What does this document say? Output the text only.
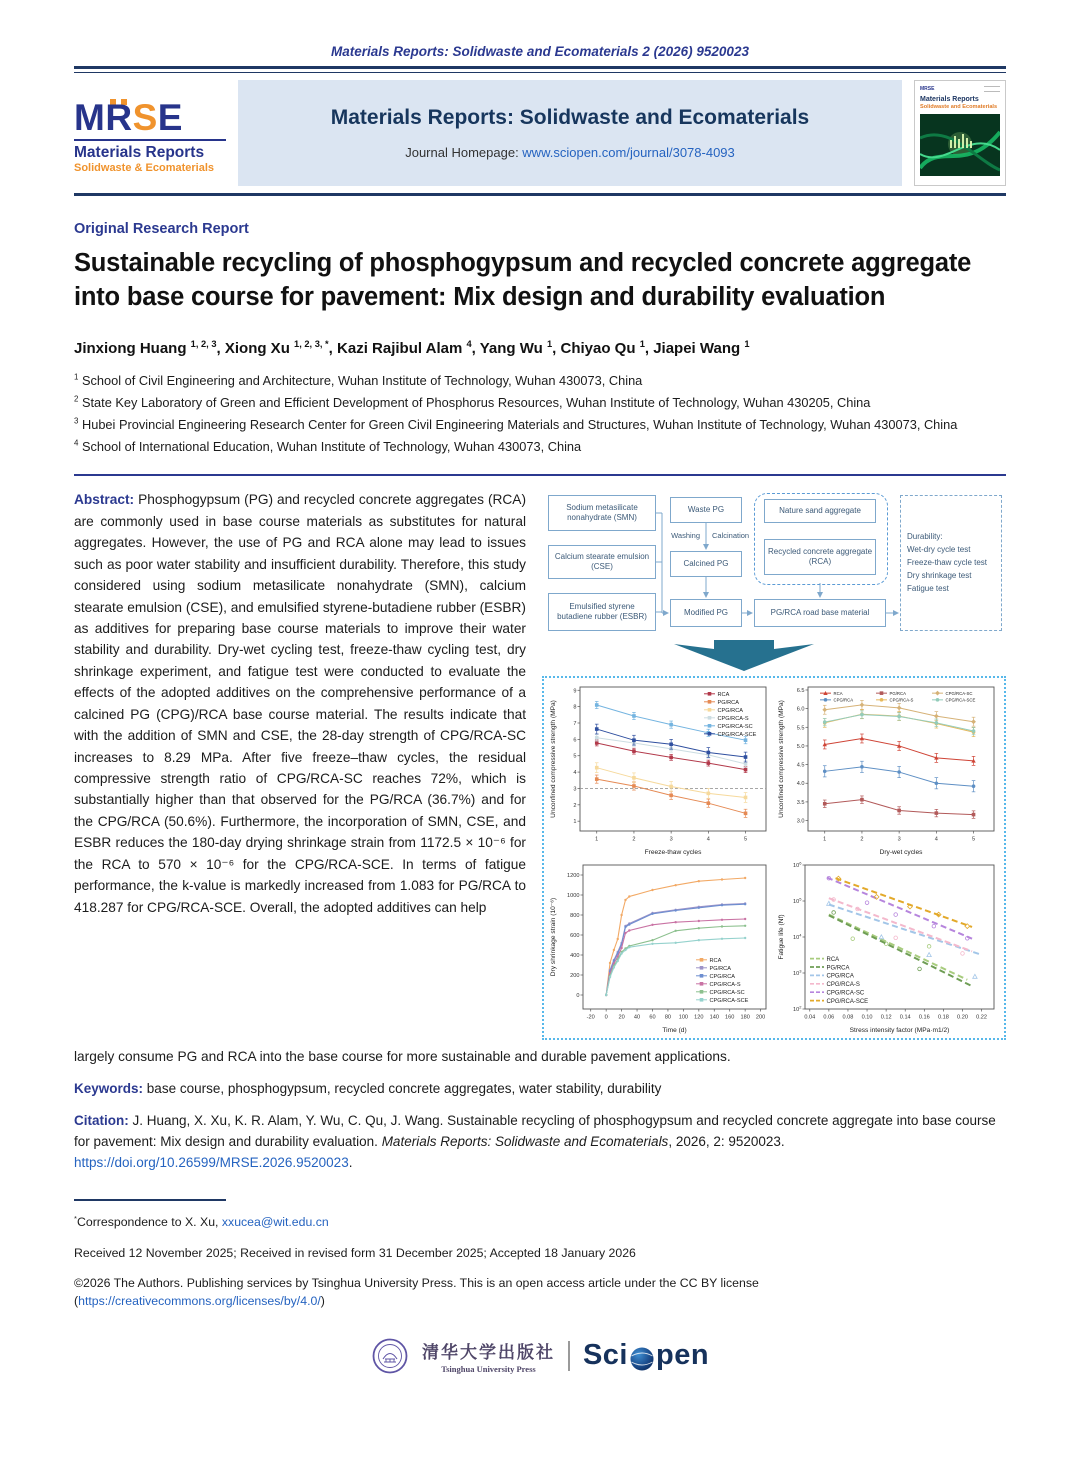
Materials Reports: Solidwaste and Ecomaterials 2 (2026) 9520023
MRSE
Materials Reports
Solidwaste & Ecomaterials
Materials Reports: Solidwaste and Ecomaterials
Journal Homepage: www.sciopen.com/journal/3078-4093
MRSE
Materials Reports
Solidwaste and Ecomaterials
Original Research Report
Sustainable recycling of phosphogypsum and recycled concrete aggregate into base course for pavement: Mix design and durability evaluation
Jinxiong Huang $^{1, 2, 3}$, Xiong Xu $^{1, 2, 3, *}$, Kazi Rajibul Alam $^4$, Yang Wu $^1$, Chiyao Qu $^1$, Jiapei Wang $^1$
$^1$ School of Civil Engineering and Architecture, Wuhan Institute of Technology, Wuhan 430073, China
$^2$ State Key Laboratory of Green and Efficient Development of Phosphorus Resources, Wuhan Institute of Technology, Wuhan 430205, China
$^3$ Hubei Provincial Engineering Research Center for Green Civil Engineering Materials and Structures, Wuhan Institute of Technology, Wuhan 430073, China
$^4$ School of International Education, Wuhan Institute of Technology, Wuhan 430073, China
Abstract: Phosphogypsum (PG) and recycled concrete aggregates (RCA) are commonly used in base course materials as substitutes for natural aggregates. However, the use of PG and RCA alone may lead to issues such as poor water stability and insufficient durability. Therefore, this study considered using sodium metasilicate nonahydrate (SMN), calcium stearate emulsion (CSE), and emulsified styrene-butadiene rubber (ESBR) as additives for preparing base course materials to improve their water stability and durability. Dry-wet cycling test, freeze-thaw cycling test, dry shrinkage experiment, and fatigue test were conducted to evaluate the effects of the adopted additives on the comprehensive performance of a calcined PG (CPG)/RCA base course material. The results indicate that with the addition of SMN and CSE, the 28-day strength of CPG/RCA-SC increases to 8.29 MPa. After five freeze–thaw cycles, the residual compressive strength ratio of CPG/RCA-SC reaches 72%, which is substantially higher than that observed for the PG/RCA (36.7%) and for the CPG/RCA (50.6%). Furthermore, the incorporation of SMN, CSE, and ESBR reduces the 180-day drying shrinkage strain from 1172.5 × 10⁻⁶ for the RCA to 570 × 10⁻⁶ for the CPG/RCA-SCE. In terms of fatigue performance, the k-value is markedly increased from 1.083 for PG/RCA to 418.287 for CPG/RCA-SCE. Overall, the adopted additives can help
Sodium metasilicate nonahydrate (SMN)
Calcium stearate emulsion (CSE)
Emulsified styrene butadiene rubber (ESBR)
Waste PG
Washing Calcination
Calcined PG
Modified PG
Nature sand aggregate
Recycled concrete aggregate (RCA)
PG/RCA road base material
Durability:
Wet-dry cycle test
Freeze-thaw cycle test
Dry shrinkage test
Fatigue test
1	2	3	4	5
1
2
3
4
5
6
7
8
9
Freeze-thaw cycles
Unconfined compressive strength (MPa)
RCA
PG/RCA
CPG/RCA
CPG/RCA-S
CPG/RCA-SC
CPG/RCA-SCE
1	2	3	4	5
3.0
3.5
4.0
4.5
5.0
5.5
6.0
6.5
Dry-wet cycles
Unconfined compressive strength (MPa)
RCA	PG/RCA	CPG/RCA-SC
CPG/RCA	CPG/RCA-S	CPG/RCA-SCE
-20 0 20 40 60 80 100 120 140 160 180 200
0
200
400
600
800
1000
1200
Time (d)
Dry shrinkage strain (10⁻⁶)	RCA
PG/RCA
CPG/RCA
CPG/RCA-S
CPG/RCA-SC
CPG/RCA-SCE
0.04 0.06 0.08 0.10 0.12 0.14 0.16 0.18 0.20 0.22
$10^2$
$10^3$
$10^4$
$10^5$
$10^6$
Stress intensity factor (MPa·m1/2)
Fatigue life (Nf)
RCA
PG/RCA
CPG/RCA
CPG/RCA-S
CPG/RCA-SC
CPG/RCA-SCE
largely consume PG and RCA into the base course for more sustainable and durable pavement applications.
Keywords: base course, phosphogypsum, recycled concrete aggregates, water stability, durability
Citation: J. Huang, X. Xu, K. R. Alam, Y. Wu, C. Qu, J. Wang. Sustainable recycling of phosphogypsum and recycled concrete aggregate into base course for pavement: Mix design and durability evaluation. Materials Reports: Solidwaste and Ecomaterials, 2026, 2: 9520023. https://doi.org/10.26599/MRSE.2026.9520023.
*Correspondence to X. Xu, xxucea@wit.edu.cn
Received 12 November 2025; Received in revised form 31 December 2025; Accepted 18 January 2026
©2026 The Authors. Publishing services by Tsinghua University Press. This is an open access article under the CC BY license (https://creativecommons.org/licenses/by/4.0/)
清华大学出版社
Tsinghua University Press Sci pen
